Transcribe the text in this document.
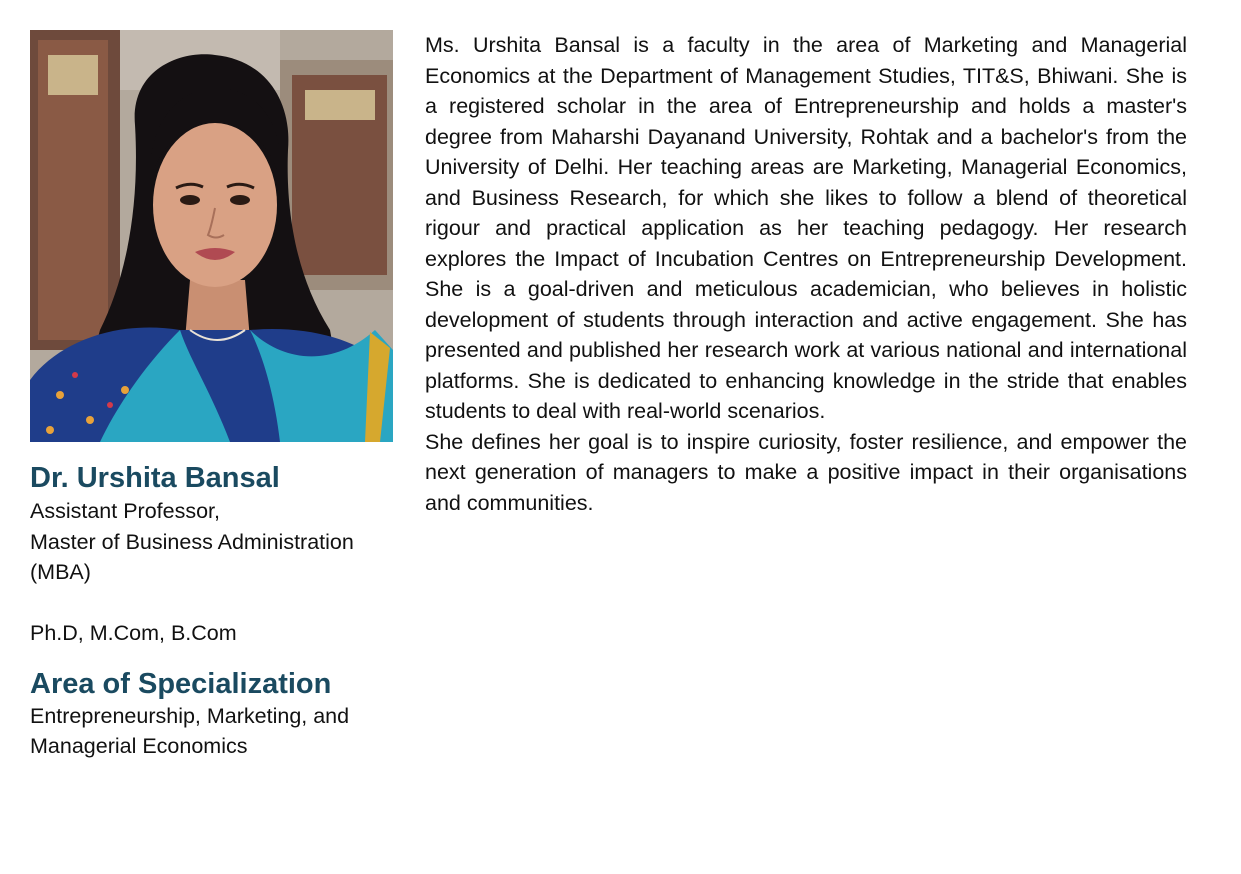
Dr. Urshita Bansal

Assistant Professor,

Master of Business Administration (MBA)

Ph.D, M.Com, B.Com

Area of Specialization

Entrepreneurship, Marketing, and Managerial Economics

Ms. Urshita Bansal is a faculty in the area of Marketing and Managerial Economics at the Department of Management Studies, TIT&S, Bhiwani. She is a registered scholar in the area of Entrepreneurship and holds a master's degree from Maharshi Dayanand University, Rohtak and a bachelor's from the University of Delhi. Her teaching areas are Marketing, Managerial Economics, and Business Research, for which she likes to follow a blend of theoretical rigour and practical application as her teaching pedagogy. Her research explores the Impact of Incubation Centres on Entrepreneurship Development. She is a goal-driven and meticulous academician, who believes in holistic development of students through interaction and active engagement. She has presented and published her research work at various national and international platforms. She is dedicated to enhancing knowledge in the stride that enables students to deal with real-world scenarios.

She defines her goal is to inspire curiosity, foster resilience, and empower the next generation of managers to make a positive impact in their organisations and communities.
